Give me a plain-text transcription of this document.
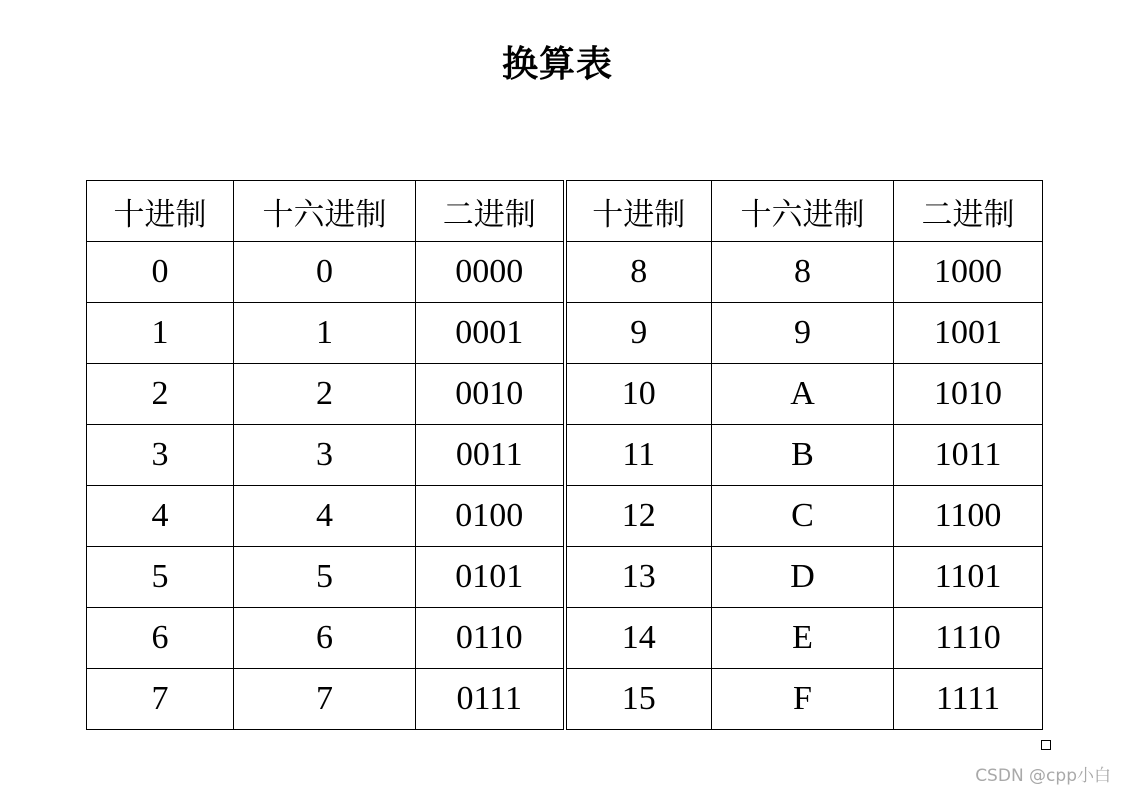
换算表
十进制	十六进制	二进制	十进制	十六进制	二进制
0	0	0000	8	8	1000
1	1	0001	9	9	1001
2	2	0010	10	A	1010
3	3	0011	11	B	1011
4	4	0100	12	C	1100
5	5	0101	13	D	1101
6	6	0110	14	E	1110
7	7	0111	15	F	1111
CSDN @cpp小白
